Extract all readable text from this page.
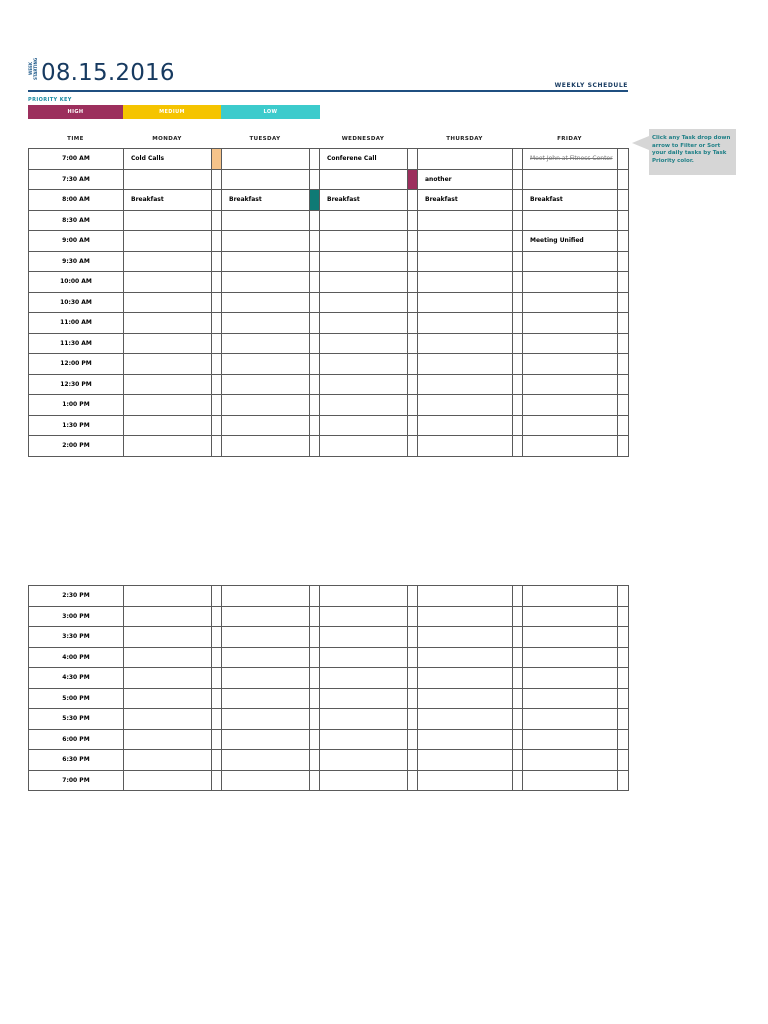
WEEK STARTING 08.15.2016	WEEKLY SCHEDULE
PRIORITY KEY
HIGH	MEDIUM	LOW
Click any Task drop down arrow to Filter or Sort your daily tasks by Task Priority color.
TIME	MONDAY	TUESDAY	WEDNESDAY	THURSDAY	FRIDAY
7:00 AM	Cold Calls				Conferene Call				Meet John at Fitness Center	
7:30 AM							another			
8:00 AM	Breakfast		Breakfast		Breakfast		Breakfast		Breakfast	
8:30 AM										
9:00 AM									Meeting Unified	
9:30 AM										
10:00 AM										
10:30 AM										
11:00 AM										
11:30 AM										
12:00 PM										
12:30 PM										
1:00 PM										
1:30 PM										
2:00 PM										
2:30 PM										
3:00 PM										
3:30 PM										
4:00 PM										
4:30 PM										
5:00 PM										
5:30 PM										
6:00 PM										
6:30 PM										
7:00 PM										
